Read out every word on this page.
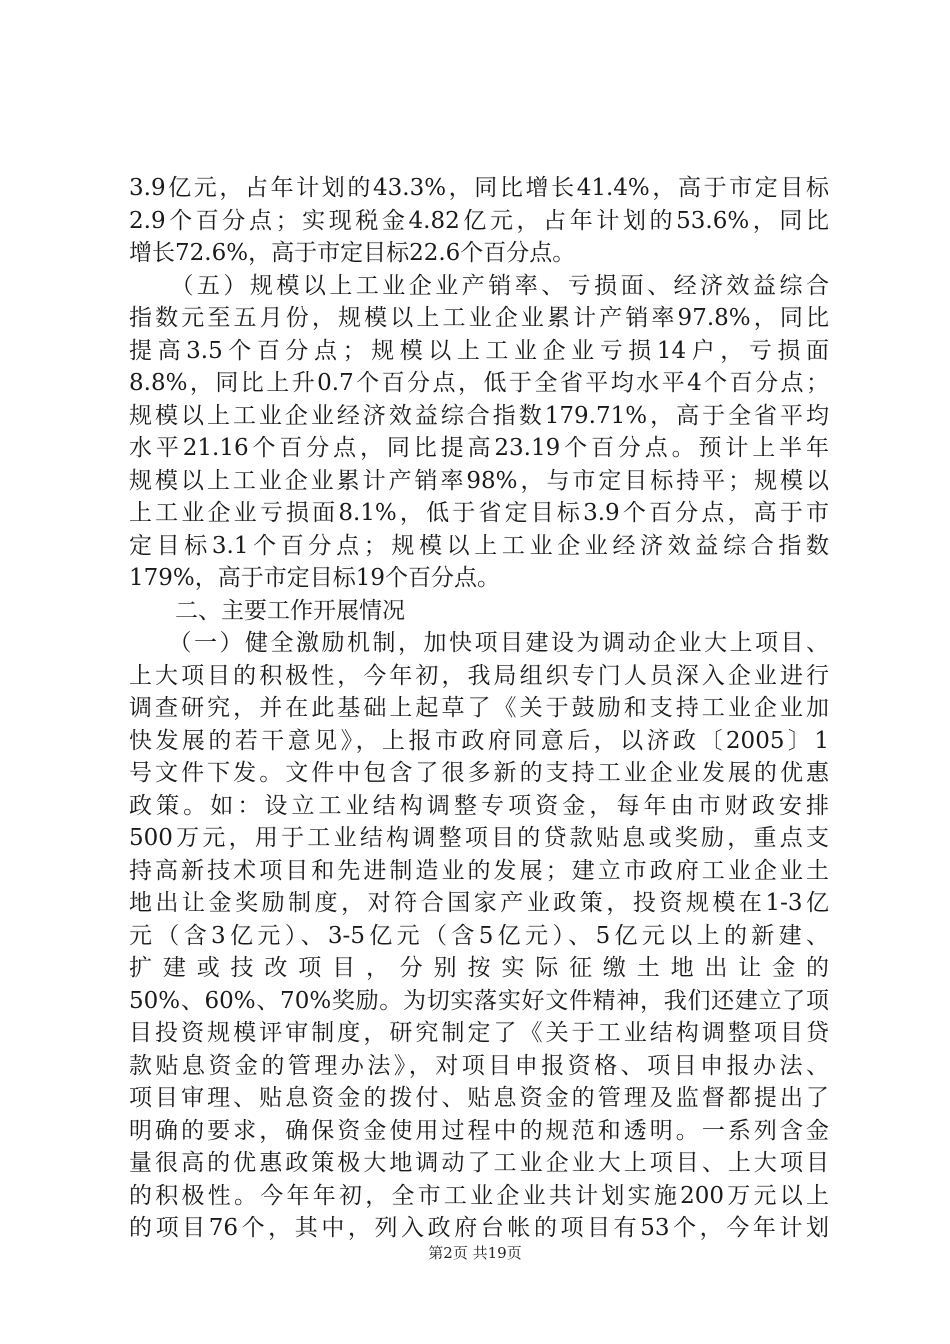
3.9亿元，占年计划的43.3%，同比增长41.4%，高于市定目标
2.9个百分点；实现税金4.82亿元，占年计划的53.6%，同比
增长72.6%，高于市定目标22.6个百分点。
　　（五）规模以上工业企业产销率、亏损面、经济效益综合
指数元至五月份，规模以上工业企业累计产销率97.8%，同比
提高3.5个百分点；规模以上工业企业亏损14户，亏损面
8.8%，同比上升0.7个百分点，低于全省平均水平4个百分点；
规模以上工业企业经济效益综合指数179.71%，高于全省平均
水平21.16个百分点，同比提高23.19个百分点。预计上半年
规模以上工业企业累计产销率98%，与市定目标持平；规模以
上工业企业亏损面8.1%，低于省定目标3.9个百分点，高于市
定目标3.1个百分点；规模以上工业企业经济效益综合指数
179%，高于市定目标19个百分点。
　　二、主要工作开展情况
　　（一）健全激励机制，加快项目建设为调动企业大上项目、
上大项目的积极性，今年初，我局组织专门人员深入企业进行
调查研究，并在此基础上起草了《关于鼓励和支持工业企业加
快发展的若干意见》，上报市政府同意后，以济政〔2005〕1
号文件下发。文件中包含了很多新的支持工业企业发展的优惠
政策。如：设立工业结构调整专项资金，每年由市财政安排
500万元，用于工业结构调整项目的贷款贴息或奖励，重点支
持高新技术项目和先进制造业的发展；建立市政府工业企业土
地出让金奖励制度，对符合国家产业政策，投资规模在1-3亿
元（含3亿元）、3-5亿元（含5亿元）、5亿元以上的新建、
扩建或技改项目，分别按实际征缴土地出让金的
50%、60%、70%奖励。为切实落实好文件精神，我们还建立了项
目投资规模评审制度，研究制定了《关于工业结构调整项目贷
款贴息资金的管理办法》，对项目申报资格、项目申报办法、
项目审理、贴息资金的拨付、贴息资金的管理及监督都提出了
明确的要求，确保资金使用过程中的规范和透明。一系列含金
量很高的优惠政策极大地调动了工业企业大上项目、上大项目
的积极性。今年年初，全市工业企业共计划实施200万元以上
的项目76个，其中，列入政府台帐的项目有53个，今年计划
第2页 共19页
